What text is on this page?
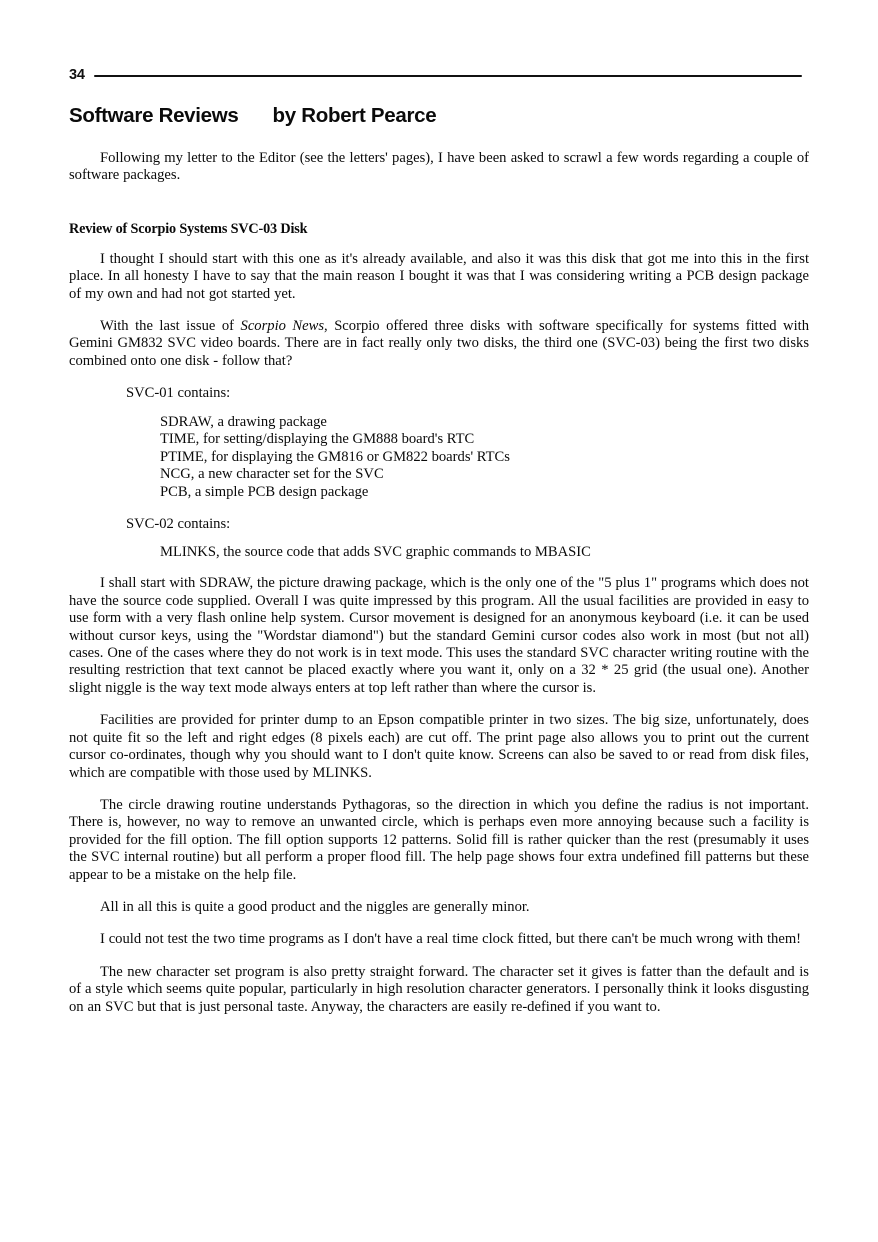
34
Software Reviews by Robert Pearce

Following my letter to the Editor (see the letters' pages), I have been asked to scrawl a few words regarding a couple of software packages.

Review of Scorpio Systems SVC-03 Disk

I thought I should start with this one as it's already available, and also it was this disk that got me into this in the first place. In all honesty I have to say that the main reason I bought it was that I was considering writing a PCB design package of my own and had not got started yet.

With the last issue of Scorpio News, Scorpio offered three disks with software specifically for systems fitted with Gemini GM832 SVC video boards. There are in fact really only two disks, the third one (SVC-03) being the first two disks combined onto one disk - follow that?

SVC-01 contains:

SDRAW, a drawing package
TIME, for setting/displaying the GM888 board's RTC
PTIME, for displaying the GM816 or GM822 boards' RTCs
NCG, a new character set for the SVC
PCB, a simple PCB design package

SVC-02 contains:

MLINKS, the source code that adds SVC graphic commands to MBASIC

I shall start with SDRAW, the picture drawing package, which is the only one of the "5 plus 1" programs which does not have the source code supplied. Overall I was quite impressed by this program. All the usual facilities are provided in easy to use form with a very flash online help system. Cursor movement is designed for an anonymous keyboard (i.e. it can be used without cursor keys, using the "Wordstar diamond") but the standard Gemini cursor codes also work in most (but not all) cases. One of the cases where they do not work is in text mode. This uses the standard SVC character writing routine with the resulting restriction that text cannot be placed exactly where you want it, only on a 32 * 25 grid (the usual one). Another slight niggle is the way text mode always enters at top left rather than where the cursor is.

Facilities are provided for printer dump to an Epson compatible printer in two sizes. The big size, unfortunately, does not quite fit so the left and right edges (8 pixels each) are cut off. The print page also allows you to print out the current cursor co-ordinates, though why you should want to I don't quite know. Screens can also be saved to or read from disk files, which are compatible with those used by MLINKS.

The circle drawing routine understands Pythagoras, so the direction in which you define the radius is not important. There is, however, no way to remove an unwanted circle, which is perhaps even more annoying because such a facility is provided for the fill option. The fill option supports 12 patterns. Solid fill is rather quicker than the rest (presumably it uses the SVC internal routine) but all perform a proper flood fill. The help page shows four extra undefined fill patterns but these appear to be a mistake on the help file.

All in all this is quite a good product and the niggles are generally minor.

I could not test the two time programs as I don't have a real time clock fitted, but there can't be much wrong with them!

The new character set program is also pretty straight forward. The character set it gives is fatter than the default and is of a style which seems quite popular, particularly in high resolution character generators. I personally think it looks disgusting on an SVC but that is just personal taste. Anyway, the characters are easily re-defined if you want to.
